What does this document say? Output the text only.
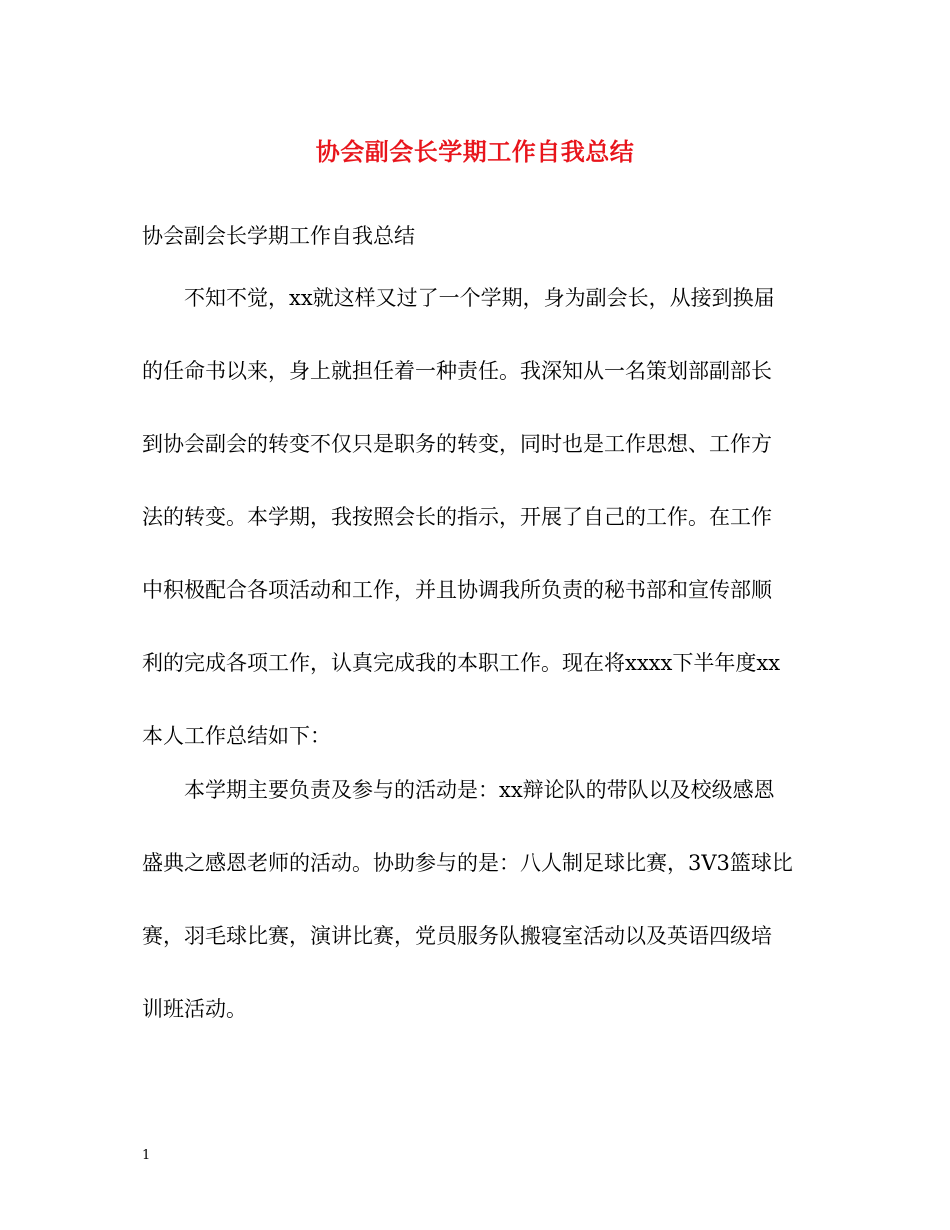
协会副会长学期工作自我总结
协会副会长学期工作自我总结
不知不觉，xx就这样又过了一个学期，身为副会长，从接到换届
的任命书以来，身上就担任着一种责任。我深知从一名策划部副部长
到协会副会的转变不仅只是职务的转变，同时也是工作思想、工作方
法的转变。本学期，我按照会长的指示，开展了自己的工作。在工作
中积极配合各项活动和工作，并且协调我所负责的秘书部和宣传部顺
利的完成各项工作，认真完成我的本职工作。现在将xxxx下半年度xx
本人工作总结如下：
本学期主要负责及参与的活动是：xx辩论队的带队以及校级感恩
盛典之感恩老师的活动。协助参与的是：八人制足球比赛，3V3篮球比
赛，羽毛球比赛，演讲比赛，党员服务队搬寝室活动以及英语四级培
训班活动。
1
